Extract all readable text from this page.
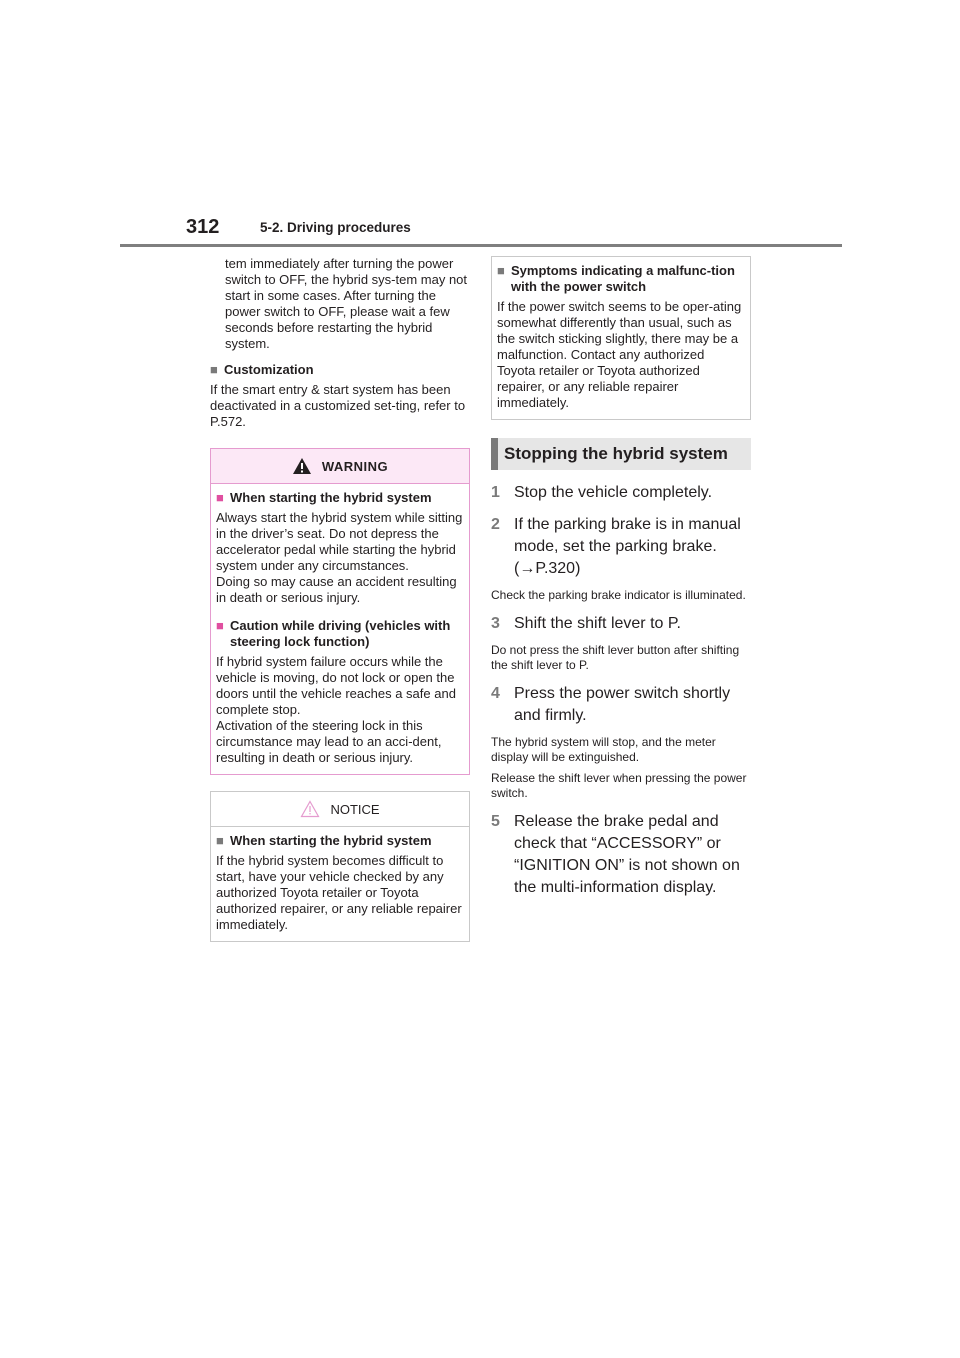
312	5-2. Driving procedures

tem immediately after turning the power switch to OFF, the hybrid sys-tem may not start in some cases. After turning the power switch to OFF, please wait a few seconds before restarting the hybrid system.

■ Customization

If the smart entry & start system has been deactivated in a customized set-ting, refer to P.572.

WARNING
■ When starting the hybrid system

Always start the hybrid system while sitting in the driver’s seat. Do not depress the accelerator pedal while starting the hybrid system under any circumstances.

Doing so may cause an accident resulting in death or serious injury.

■ Caution while driving (vehicles with steering lock function)

If hybrid system failure occurs while the vehicle is moving, do not lock or open the doors until the vehicle reaches a safe and complete stop.

Activation of the steering lock in this circumstance may lead to an acci-dent, resulting in death or serious injury.

NOTICE
■ When starting the hybrid system

If the hybrid system becomes difficult to start, have your vehicle checked by any authorized Toyota retailer or Toyota authorized repairer, or any reliable repairer immediately.

■ Symptoms indicating a malfunc-tion with the power switch

If the power switch seems to be oper-ating somewhat differently than usual, such as the switch sticking slightly, there may be a malfunction. Contact any authorized Toyota retailer or Toyota authorized repairer, or any reliable repairer immediately.

Stopping the hybrid system
1 Stop the vehicle completely.
2 If the parking brake is in manual mode, set the parking brake. (→P.320)

Check the parking brake indicator is illuminated.

3 Shift the shift lever to P.

Do not press the shift lever button after shifting the shift lever to P.

4 Press the power switch shortly and firmly.

The hybrid system will stop, and the meter display will be extinguished.

Release the shift lever when pressing the power switch.

5 Release the brake pedal and check that “ACCESSORY” or “IGNITION ON” is not shown on the multi-information display.
